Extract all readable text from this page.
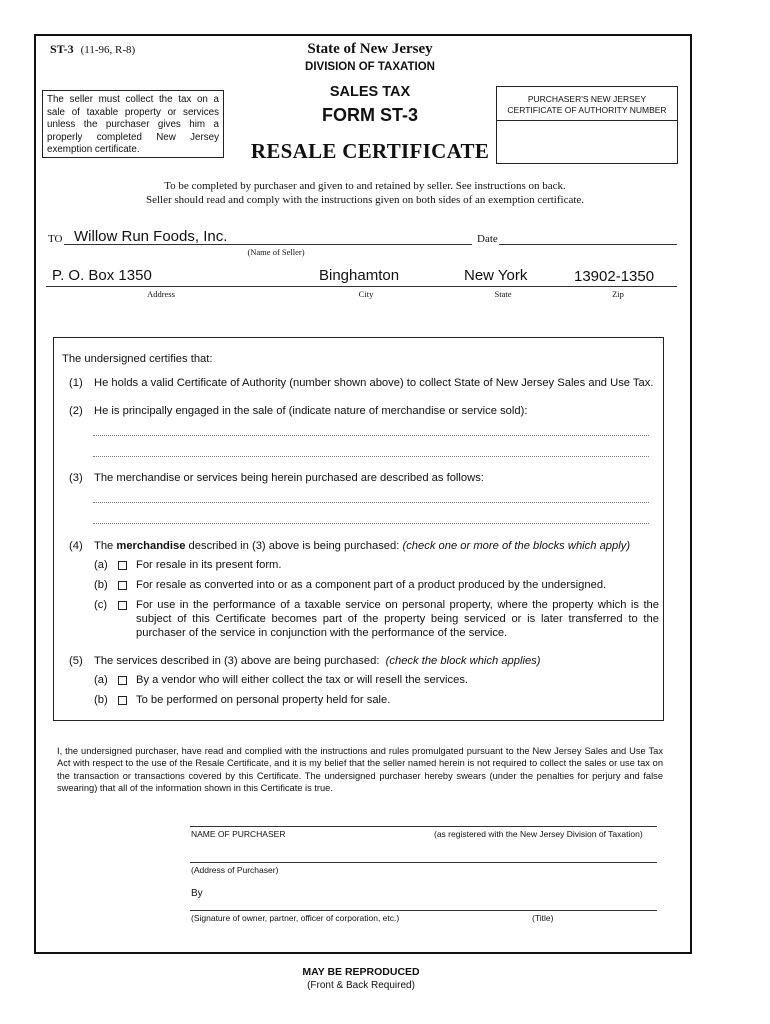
ST-3 (11-96, R-8)	State of New Jersey
DIVISION OF TAXATION
SALES TAX
FORM ST-3
RESALE CERTIFICATE
The seller must collect the tax on a sale of taxable property or services unless the purchaser gives him a properly completed New Jersey exemption certificate.
PURCHASER'S NEW JERSEY
CERTIFICATE OF AUTHORITY NUMBER
To be completed by purchaser and given to and retained by seller. See instructions on back.
Seller should read and comply with the instructions given on both sides of an exemption certificate.
TO Willow Run Foods, Inc.
(Name of Seller)
Date
P. O. Box 1350	Binghamton	New York	13902-1350
Address	City	State	Zip
The undersigned certifies that:
(1) He holds a valid Certificate of Authority (number shown above) to collect State of New Jersey Sales and Use Tax.
(2) He is principally engaged in the sale of (indicate nature of merchandise or service sold):
(3) The merchandise or services being herein purchased are described as follows:
(4) The merchandise described in (3) above is being purchased: (check one or more of the blocks which apply)
(a)	For resale in its present form.
(b)	For resale as converted into or as a component part of a product produced by the undersigned.
(c)	For use in the performance of a taxable service on personal property, where the property which is the subject of this Certificate becomes part of the property being serviced or is later transferred to the purchaser of the service in conjunction with the performance of the service.
(5) The services described in (3) above are being purchased: (check the block which applies)
(a)	By a vendor who will either collect the tax or will resell the services.
(b)	To be performed on personal property held for sale.
I, the undersigned purchaser, have read and complied with the instructions and rules promulgated pursuant to the New Jersey Sales and Use Tax Act with respect to the use of the Resale Certificate, and it is my belief that the seller named herein is not required to collect the sales or use tax on the transaction or transactions covered by this Certificate. The undersigned purchaser hereby swears (under the penalties for perjury and false swearing) that all of the information shown in this Certificate is true.
NAME OF PURCHASER	(as registered with the New Jersey Division of Taxation)
(Address of Purchaser)
By
(Signature of owner, partner, officer of corporation, etc.)	(Title)
MAY BE REPRODUCED
(Front & Back Required)
